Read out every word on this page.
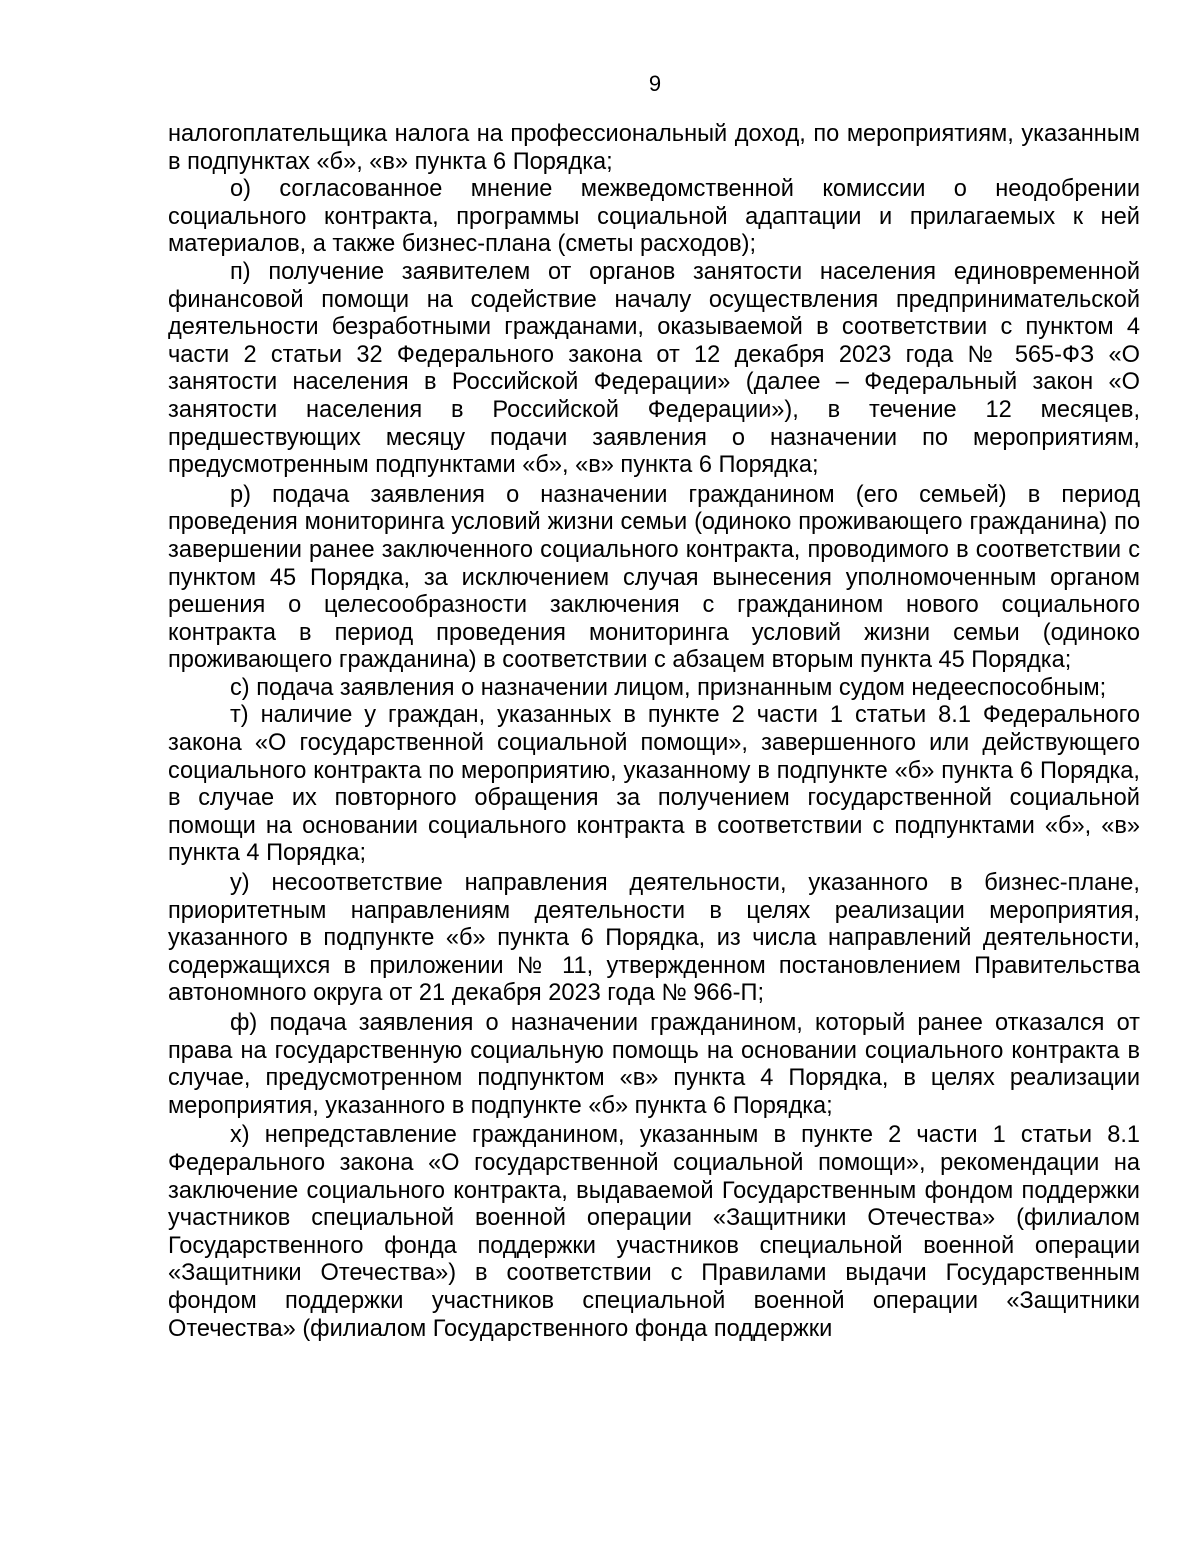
9

налогоплательщика налога на профессиональный доход, по мероприятиям, указанным в подпунктах «б», «в» пункта 6 Порядка;

о) согласованное мнение межведомственной комиссии о неодобрении социального контракта, программы социальной адаптации и прилагаемых к ней материалов, а также бизнес-плана (сметы расходов);

п) получение заявителем от органов занятости населения единовременной финансовой помощи на содействие началу осуществления предпринимательской деятельности безработными гражданами, оказываемой в соответствии с пунктом 4 части 2 статьи 32 Федерального закона от 12 декабря 2023 года № 565-ФЗ «О занятости населения в Российской Федерации» (далее – Федеральный закон «О занятости населения в Российской Федерации»), в течение 12 месяцев, предшествующих месяцу подачи заявления о назначении по мероприятиям, предусмотренным подпунктами «б», «в» пункта 6 Порядка;

р) подача заявления о назначении гражданином (его семьей) в период проведения мониторинга условий жизни семьи (одиноко проживающего гражданина) по завершении ранее заключенного социального контракта, проводимого в соответствии с пунктом 45 Порядка, за исключением случая вынесения уполномоченным органом решения о целесообразности заключения с гражданином нового социального контракта в период проведения мониторинга условий жизни семьи (одиноко проживающего гражданина) в соответствии с абзацем вторым пункта 45 Порядка;

с) подача заявления о назначении лицом, признанным судом недееспособным;

т) наличие у граждан, указанных в пункте 2 части 1 статьи 8.1 Федерального закона «О государственной социальной помощи», завершенного или действующего социального контракта по мероприятию, указанному в подпункте «б» пункта 6 Порядка, в случае их повторного обращения за получением государственной социальной помощи на основании социального контракта в соответствии с подпунктами «б», «в» пункта 4 Порядка;

у) несоответствие направления деятельности, указанного в бизнес-плане, приоритетным направлениям деятельности в целях реализации мероприятия, указанного в подпункте «б» пункта 6 Порядка, из числа направлений деятельности, содержащихся в приложении № 11, утвержденном постановлением Правительства автономного округа от 21 декабря 2023 года № 966-П;

ф) подача заявления о назначении гражданином, который ранее отказался от права на государственную социальную помощь на основании социального контракта в случае, предусмотренном подпунктом «в» пункта 4 Порядка, в целях реализации мероприятия, указанного в подпункте «б» пункта 6 Порядка;

х) непредставление гражданином, указанным в пункте 2 части 1 статьи 8.1 Федерального закона «О государственной социальной помощи», рекомендации на заключение социального контракта, выдаваемой Государственным фондом поддержки участников специальной военной операции «Защитники Отечества» (филиалом Государственного фонда поддержки участников специальной военной операции «Защитники Отечества») в соответствии с Правилами выдачи Государственным фондом поддержки участников специальной военной операции «Защитники Отечества» (филиалом Государственного фонда поддержки
